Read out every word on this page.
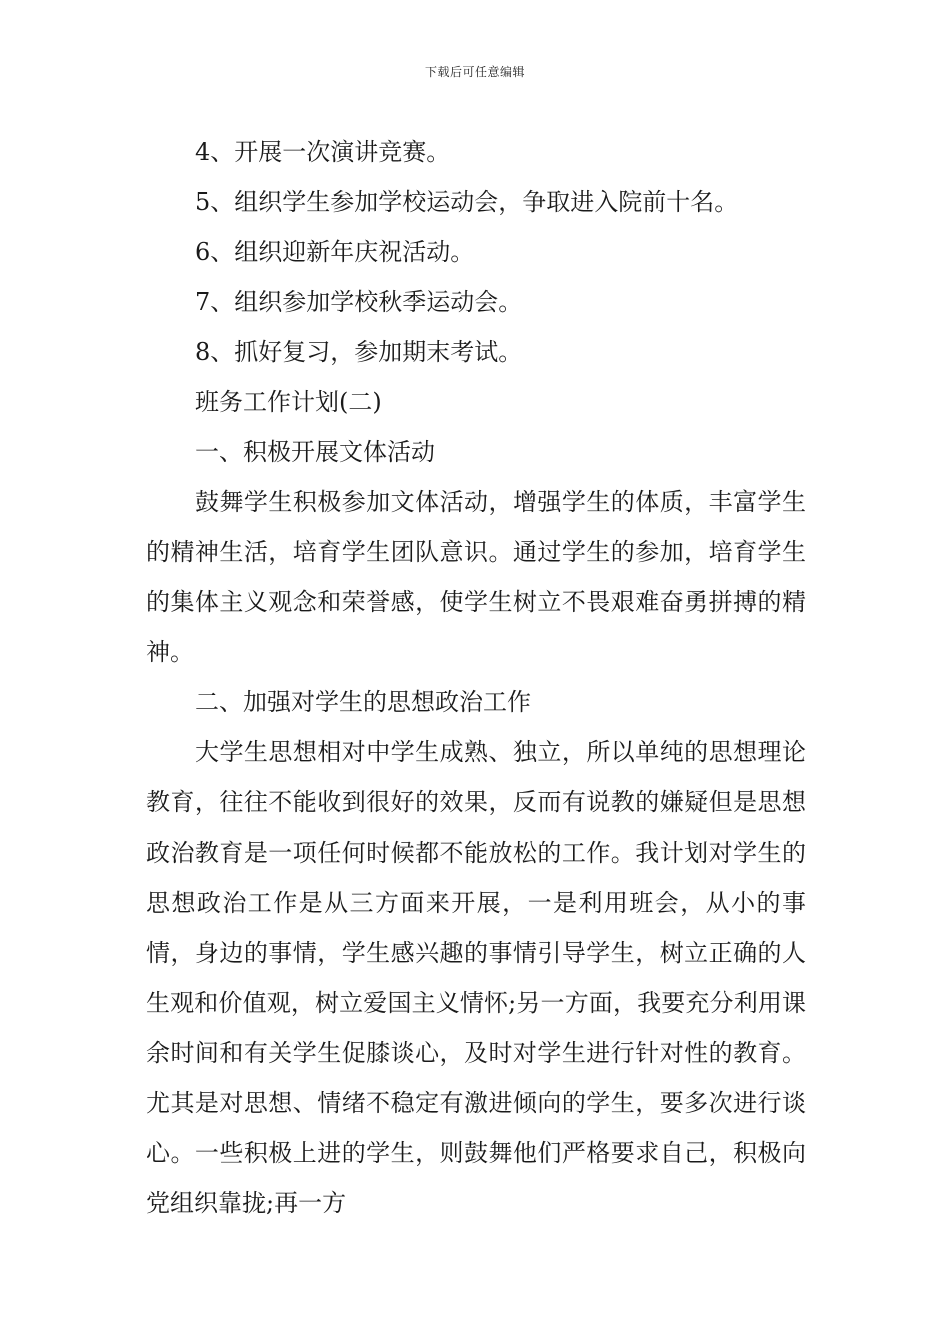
下载后可任意编辑
4、开展一次演讲竞赛。
5、组织学生参加学校运动会，争取进入院前十名。
6、组织迎新年庆祝活动。
7、组织参加学校秋季运动会。
8、抓好复习，参加期末考试。
班务工作计划(二)
一、积极开展文体活动

鼓舞学生积极参加文体活动，增强学生的体质，丰富学生的精神生活，培育学生团队意识。通过学生的参加，培育学生的集体主义观念和荣誉感，使学生树立不畏艰难奋勇拼搏的精神。

二、加强对学生的思想政治工作

大学生思想相对中学生成熟、独立，所以单纯的思想理论教育，往往不能收到很好的效果，反而有说教的嫌疑但是思想政治教育是一项任何时候都不能放松的工作。我计划对学生的思想政治工作是从三方面来开展，一是利用班会，从小的事情，身边的事情，学生感兴趣的事情引导学生，树立正确的人生观和价值观，树立爱国主义情怀;另一方面，我要充分利用课余时间和有关学生促膝谈心，及时对学生进行针对性的教育。尤其是对思想、情绪不稳定有激进倾向的学生，要多次进行谈心。一些积极上进的学生，则鼓舞他们严格要求自己，积极向党组织靠拢;再一方
